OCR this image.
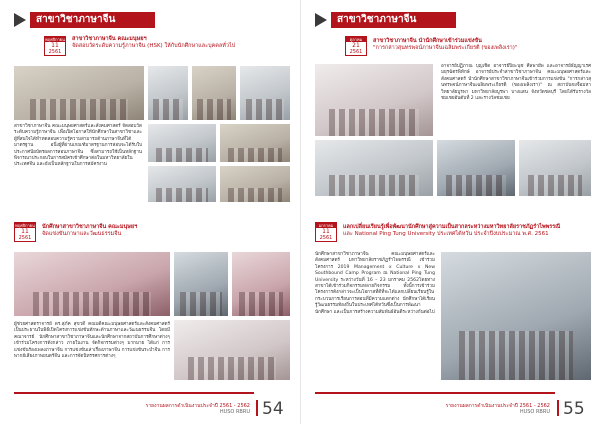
สาขาวิชาภาษาจีน
พฤศจิกายน
11
2561
สาขาวิชาภาษาจีน คณะมนุษยฯ
จัดสอบวัดระดับความรู้ภาษาจีน (HSK) ให้กับนักศึกษาและบุคคลทั่วไป
สาขาวิชาภาษาจีน คณะมนุษยศาสตร์และสังคมศาสตร์ จัดสอบวัดระดับความรู้ภาษาจีน เพื่อเปิดโอกาสให้นักศึกษาในสาขาวิชาและผู้ที่สนใจได้ทำทดสอบความรู้ความสามารถด้านภาษาจีนที่ได้มาตรฐาน อนึ่งผู้ที่ผ่านเกณฑ์มาตรฐานการสอบจะได้รับใบประกาศนียบัตรผลการสอบภาษาจีน ซึ่งสามารถใช้เป็นหลักฐานพิจารณาประกอบในการสมัครเข้าศึกษาต่อในมหาวิทยาลัยในประเทศจีน และยังเป็นหลักฐานในการสมัครงาน
พฤศจิกายน
11
2561
นักศึกษาสาขาวิชาภาษาจีน คณะมนุษยฯ
จัดแข่งขันภาษาและวัฒนธรรมจีน
ผู้ช่วยศาสตราจารย์ ดร.สุภัค สุขวดี คณบดีคณะมนุษยศาสตร์และสังคมศาสตร์ เป็นประธานในพิธีเปิดโครงการแข่งขันทักษะด้านภาษาและวัฒนธรรมจีน โดยมีคณาจารย์ นักศึกษาสาขาวิชาภาษาจีนและนักศึกษาจากสถาบันการศึกษาต่างๆ เข้าร่วมโครงการดังกล่าว ภายในงาน จัดกิจกรรมต่างๆ มากมาย ได้แก่ การแข่งขันร้องเพลงภาษาจีน การแข่งขันเล่าเรื่องภาษาจีน การแข่งขันระบำจีน การพากย์เสียงภาพยนตร์จีน และการจัดนิทรรศการต่างๆ
รายงานผลการดำเนินงานประจำปี 2561 - 2562
HUSO RBRU 54
สาขาวิชาภาษาจีน
ตุลาคม
21
2561
สาขาวิชาภาษาจีน นำนักศึกษาเข้าร่วมแข่งขัน
"การกล่าวสุนทรพจน์ภาษาจีนเฉลิมพระเกียรติ (ของเพลิงเรา)"
อาจารย์ปฏิภาณ บุญเชิด อาจารย์ปิยะนุช ศีลพายัพ และอาจารย์ธัญญาเรศ มยุรฉัตรพิทักษ์ อาจารย์ประจำสาขาวิชาภาษาจีน คณะมนุษยศาสตร์และสังคมศาสตร์ นำนักศึกษาสาขาวิชาภาษาจีนเข้าร่วมการแข่งขัน "การกล่าวสุนทรพจน์ภาษาจีนเฉลิมพระเกียรติ (ของเพลิงเรา)" ณ สถาบันขงจื่อมหาวิทยาลัยบูรพา มหาวิทยาลัยบูรพา บางแสน จังหวัดชลบุรี โดยได้รับรางวัลชมเชยอันดับที่ 2 และรางวัลชมเชย
มกราคม
11
2561
แลกเปลี่ยนเรียนรู้เพื่อพัฒนานักศึกษาสู่ความเป็นสากลระหว่างมหาวิทยาลัยราชภัฏรำไพพรรณี
และ National Ping Tung University ประเทศไต้หวัน ประจำปีงบประมาณ พ.ศ. 2561
นักศึกษาสาขาวิชาภาษาจีน คณะมนุษยศาสตร์และสังคมศาสตร์ มหาวิทยาลัยราชภัฏรำไพพรรณี เข้าร่วมโครงการ 2019 Management x Culture x New Southbound Camp Program ณ National Ping Tung University ระหว่างวันที่ 16 – 23 มกราคม 2562โดยทางสาขาได้เข้าร่วมกิจกรรมหลายกิจกรรม ทั้งนี้การเข้าร่วมโครงการดังกล่าวจะเป็นโอกาสที่ดีที่จะได้แลกเปลี่ยนเรียนรู้ในกระบวนการเรียนการสอนที่มีความแตกต่าง นักศึกษาได้เรียนรู้วัฒนธรรมท้องถิ่นในประเทศไต้หวันซึ่งเป็นการพัฒนานักศึกษา และเป็นการสร้างความสัมพันธ์อันดีระหว่างกันต่อไป
รายงานผลการดำเนินงานประจำปี 2561 - 2562
HUSO RBRU 55
